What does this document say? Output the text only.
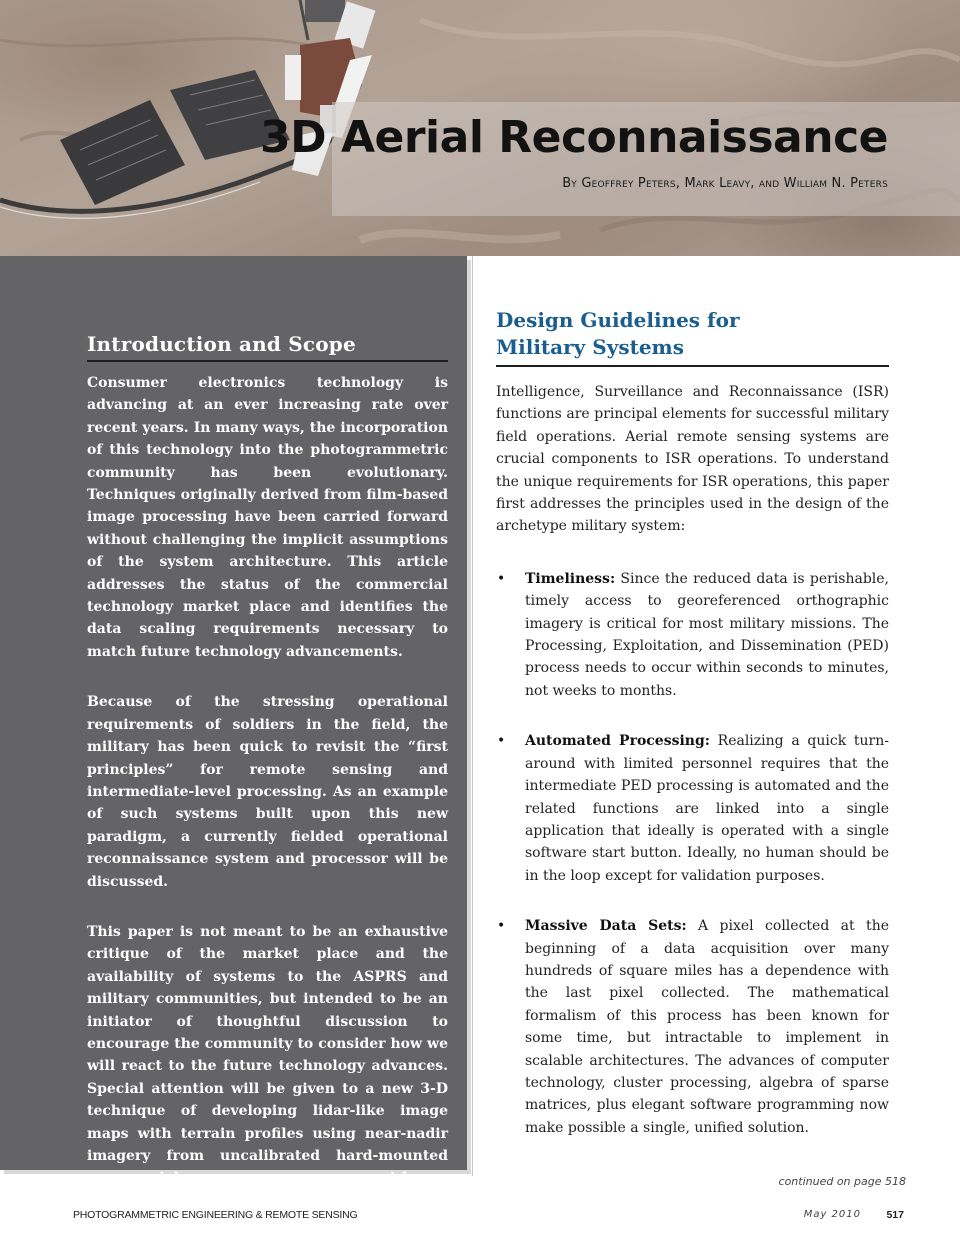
3D Aerial Reconnaissance
By Geoffrey Peters, Mark Leavy, and William N. Peters
Introduction and Scope

Consumer electronics technology is advancing at an ever increasing rate over recent years. In many ways, the incorporation of this technology into the photogrammetric community has been evolutionary. Techniques originally derived from film-based image processing have been carried forward without challenging the implicit assumptions of the system architecture. This article addresses the status of the commercial technology market place and identifies the data scaling requirements necessary to match future technology advancements.

Because of the stressing operational requirements of soldiers in the field, the military has been quick to revisit the “first principles” for remote sensing and intermediate-level processing. As an example of such systems built upon this new paradigm, a currently fielded operational reconnaissance system and processor will be discussed.

This paper is not meant to be an exhaustive critique of the market place and the availability of systems to the ASPRS and military communities, but intended to be an initiator of thoughtful discussion to encourage the community to consider how we will react to the future technology advances. Special attention will be given to a new 3-D technique of developing lidar-like image maps with terrain profiles using near-nadir imagery from uncalibrated hard-mounted commercial cameras on an airborne platform.

Design Guidelines for
Military Systems

Intelligence, Surveillance and Reconnaissance (ISR) functions are principal elements for successful military field operations. Aerial remote sensing systems are crucial components to ISR operations. To understand the unique requirements for ISR operations, this paper first addresses the principles used in the design of the archetype military system:

• Timeliness: Since the reduced data is perishable, timely access to georeferenced orthographic imagery is critical for most military missions. The Processing, Exploitation, and Dissemination (PED) process needs to occur within seconds to minutes, not weeks to months.
• Automated Processing: Realizing a quick turn-around with limited personnel requires that the intermediate PED processing is automated and the related functions are linked into a single application that ideally is operated with a single software start button. Ideally, no human should be in the loop except for validation purposes.
• Massive Data Sets: A pixel collected at the beginning of a data acquisition over many hundreds of square miles has a dependence with the last pixel collected. The mathematical formalism of this process has been known for some time, but intractable to implement in scalable architectures. The advances of computer technology, cluster processing, algebra of sparse matrices, plus elegant software programming now make possible a single, unified solution.
continued on page 518
PHOTOGRAMMETRIC ENGINEERING & REMOTE SENSING	May 2010 517
